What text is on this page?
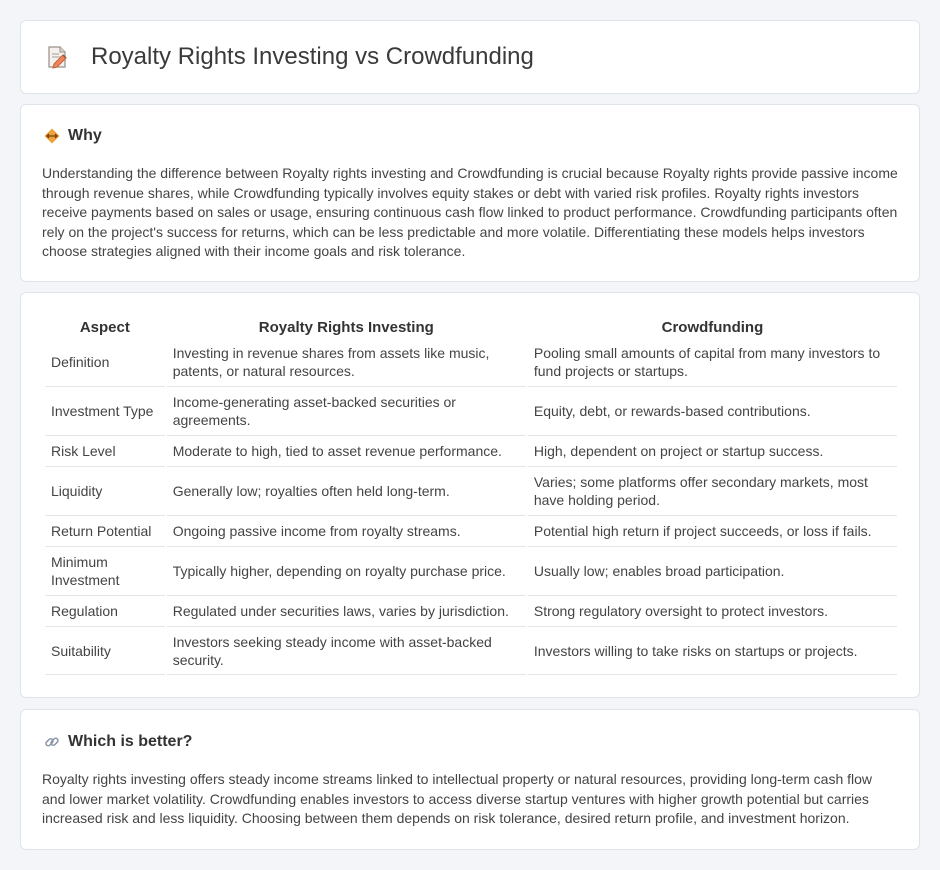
Royalty Rights Investing vs Crowdfunding
Why

Understanding the difference between Royalty rights investing and Crowdfunding is crucial because Royalty rights provide passive income through revenue shares, while Crowdfunding typically involves equity stakes or debt with varied risk profiles. Royalty rights investors receive payments based on sales or usage, ensuring continuous cash flow linked to product performance. Crowdfunding participants often rely on the project's success for returns, which can be less predictable and more volatile. Differentiating these models helps investors choose strategies aligned with their income goals and risk tolerance.

Aspect	Royalty Rights Investing	Crowdfunding
Definition	Investing in revenue shares from assets like music, patents, or natural resources.	Pooling small amounts of capital from many investors to fund projects or startups.
Investment Type	Income-generating asset-backed securities or agreements.	Equity, debt, or rewards-based contributions.
Risk Level	Moderate to high, tied to asset revenue performance.	High, dependent on project or startup success.
Liquidity	Generally low; royalties often held long-term.	Varies; some platforms offer secondary markets, most have holding period.
Return Potential	Ongoing passive income from royalty streams.	Potential high return if project succeeds, or loss if fails.
Minimum Investment	Typically higher, depending on royalty purchase price.	Usually low; enables broad participation.
Regulation	Regulated under securities laws, varies by jurisdiction.	Strong regulatory oversight to protect investors.
Suitability	Investors seeking steady income with asset-backed security.	Investors willing to take risks on startups or projects.
Which is better?

Royalty rights investing offers steady income streams linked to intellectual property or natural resources, providing long-term cash flow and lower market volatility. Crowdfunding enables investors to access diverse startup ventures with higher growth potential but carries increased risk and less liquidity. Choosing between them depends on risk tolerance, desired return profile, and investment horizon.
